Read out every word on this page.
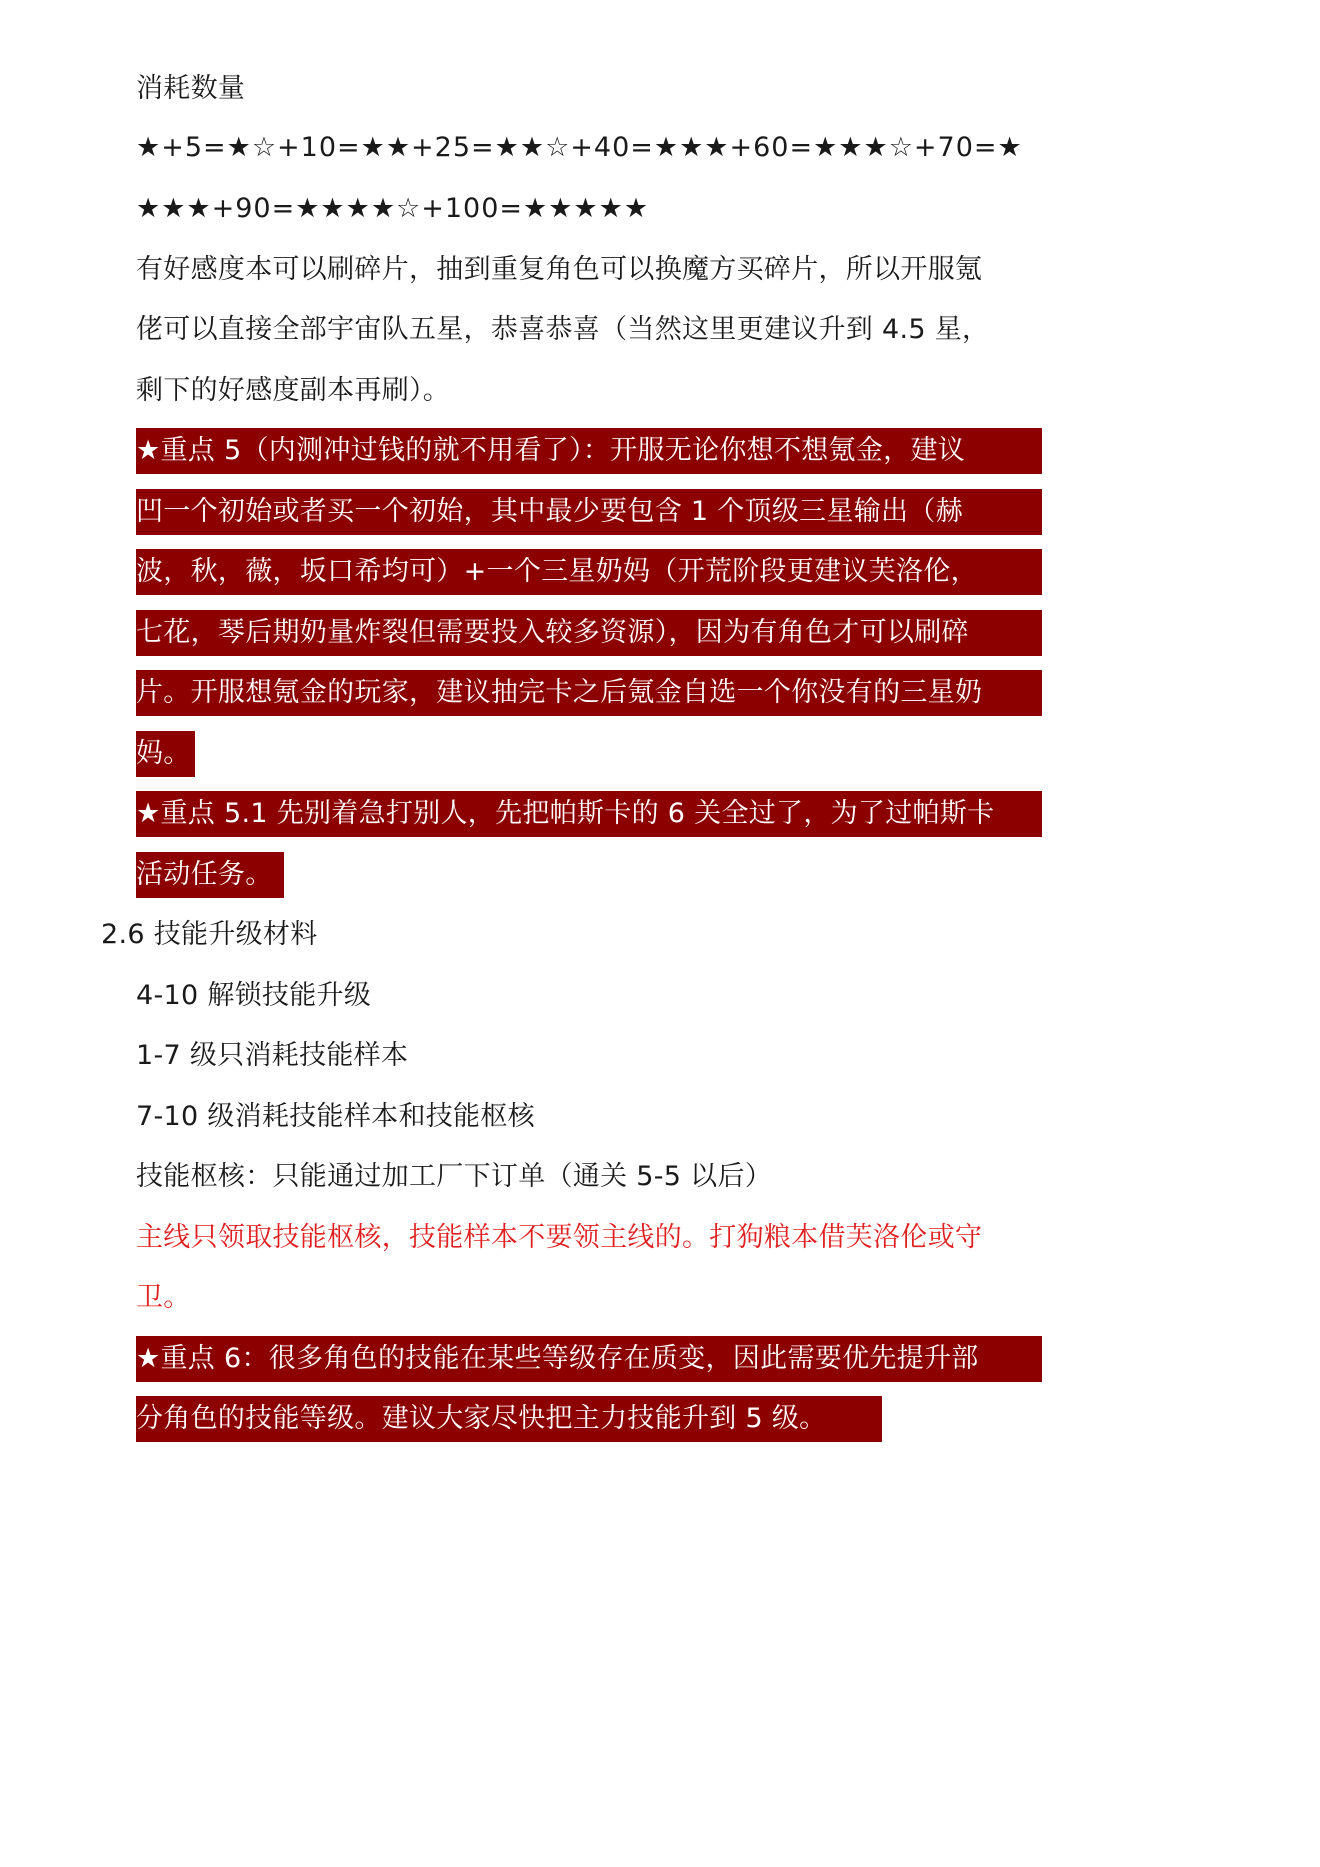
消耗数量
★+5=★☆+10=★★+25=★★☆+40=★★★+60=★★★☆+70=★
★★★+90=★★★★☆+100=★★★★★
有好感度本可以刷碎片，抽到重复角色可以换魔方买碎片，所以开服氪
佬可以直接全部宇宙队五星，恭喜恭喜（当然这里更建议升到 4.5 星，
剩下的好感度副本再刷）。
★重点 5（内测冲过钱的就不用看了）：开服无论你想不想氪金，建议
凹一个初始或者买一个初始，其中最少要包含 1 个顶级三星输出（赫
波，秋，薇，坂口希均可）+一个三星奶妈（开荒阶段更建议芙洛伦，
七花，琴后期奶量炸裂但需要投入较多资源），因为有角色才可以刷碎
片。开服想氪金的玩家，建议抽完卡之后氪金自选一个你没有的三星奶
妈。
★重点 5.1 先别着急打别人，先把帕斯卡的 6 关全过了，为了过帕斯卡
活动任务。
2.6 技能升级材料
4-10 解锁技能升级
1-7 级只消耗技能样本
7-10 级消耗技能样本和技能枢核
技能枢核：只能通过加工厂下订单（通关 5-5 以后）
主线只领取技能枢核，技能样本不要领主线的。打狗粮本借芙洛伦或守
卫。
★重点 6：很多角色的技能在某些等级存在质变，因此需要优先提升部
分角色的技能等级。建议大家尽快把主力技能升到 5 级。
